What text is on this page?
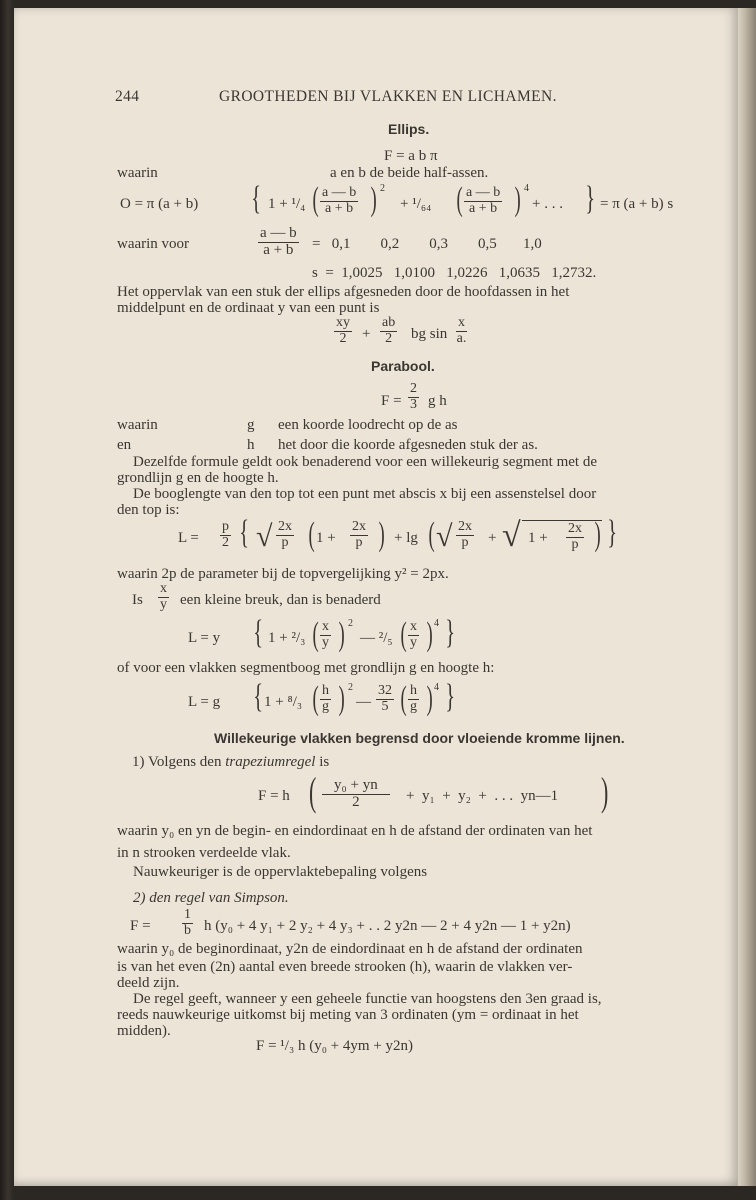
244	GROOTHEDEN BIJ VLAKKEN EN LICHAMEN.
Ellips.
F = a b π
waarin	a en b de beide half-assen.
O = π (a + b) { 1 + ¹/₄ ( $\frac{a — b}{a + b}$ ) 2
+ ¹/₆₄ ( $\frac{a — b}{a + b}$ ) 4
+ . . . } = π (a + b) s
waarin voor	$\frac{a — b}{a + b} = 0,1$        0,2        0,3        0,5       1,0
s  =  1,0025   1,0100   1,0226   1,0635   1,2732.
Het oppervlak van een stuk der ellips afgesneden door de hoofdassen in het
middelpunt en de ordinaat y van een punt is
$\frac{xy}{2} + \frac{ab}{2}$ bg $\sin \frac{x}{a.}$
Parabool.
$F = \frac{2}{3}$ g h
waarin	g een koorde loodrecht op de as
en	h het door die koorde afgesneden stuk der as.
Dezelfde formule geldt ook benaderend voor een willekeurig segment met de
grondlijn g en de hoogte h.
De booglengte van den top tot een punt met abscis x bij een assenstelsel door
den top is:
$L = \frac{p}{2}$ { √ $\frac{2x}{p}$ ( $1 + \frac{2x}{p}$ ) + lg ( √ $\frac{2x}{p}$ + √ $1 + \frac{2x}{p}$ ) }
waarin 2p de parameter bij de topvergelijking y² = 2px.
Is $\frac{x}{y}$ een kleine breuk, dan is benaderd
L = y { 1 + ²/₃ ( $\frac{x}{y}$ ) 2
— ²/₅ ( $\frac{x}{y}$ ) 4 }
of voor een vlakken segmentboog met grondlijn g en hoogte h:
L = g { 1 + ⁸/₃ ( $\frac{h}{g}$ ) 2
— $\frac{32}{5}$ ( $\frac{h}{g}$ ) 4 }
Willekeurige vlakken begrensd door vloeiende kromme lijnen.
1) Volgens den trapeziumregel is
F = h ( $\frac{\text{y₀ + yn}}{2} + y_1 + y_2$  +  . . .  yn—1 )
waarin y₀ en yn de begin- en eindordinaat en h de afstand der ordinaten van het
in n strooken verdeelde vlak.
Nauwkeuriger is de oppervlaktebepaling volgens
2) den regel van Simpson.
$F = \frac{1}{b}$ h (y₀ + 4 y₁ + 2 y₂ + 4 y₃ + . . 2 y2n — 2 + 4 y2n — 1 + y2n)
waarin y₀ de beginordinaat, y2n de eindordinaat en h de afstand der ordinaten
is van het even (2n) aantal even breede strooken (h), waarin de vlakken ver-
deeld zijn.
De regel geeft, wanneer y een geheele functie van hoogstens den 3en graad is,
reeds nauwkeurige uitkomst bij meting van 3 ordinaten (ym = ordinaat in het
midden).
F = ¹/₃ h (y₀ + 4ym + y2n)
